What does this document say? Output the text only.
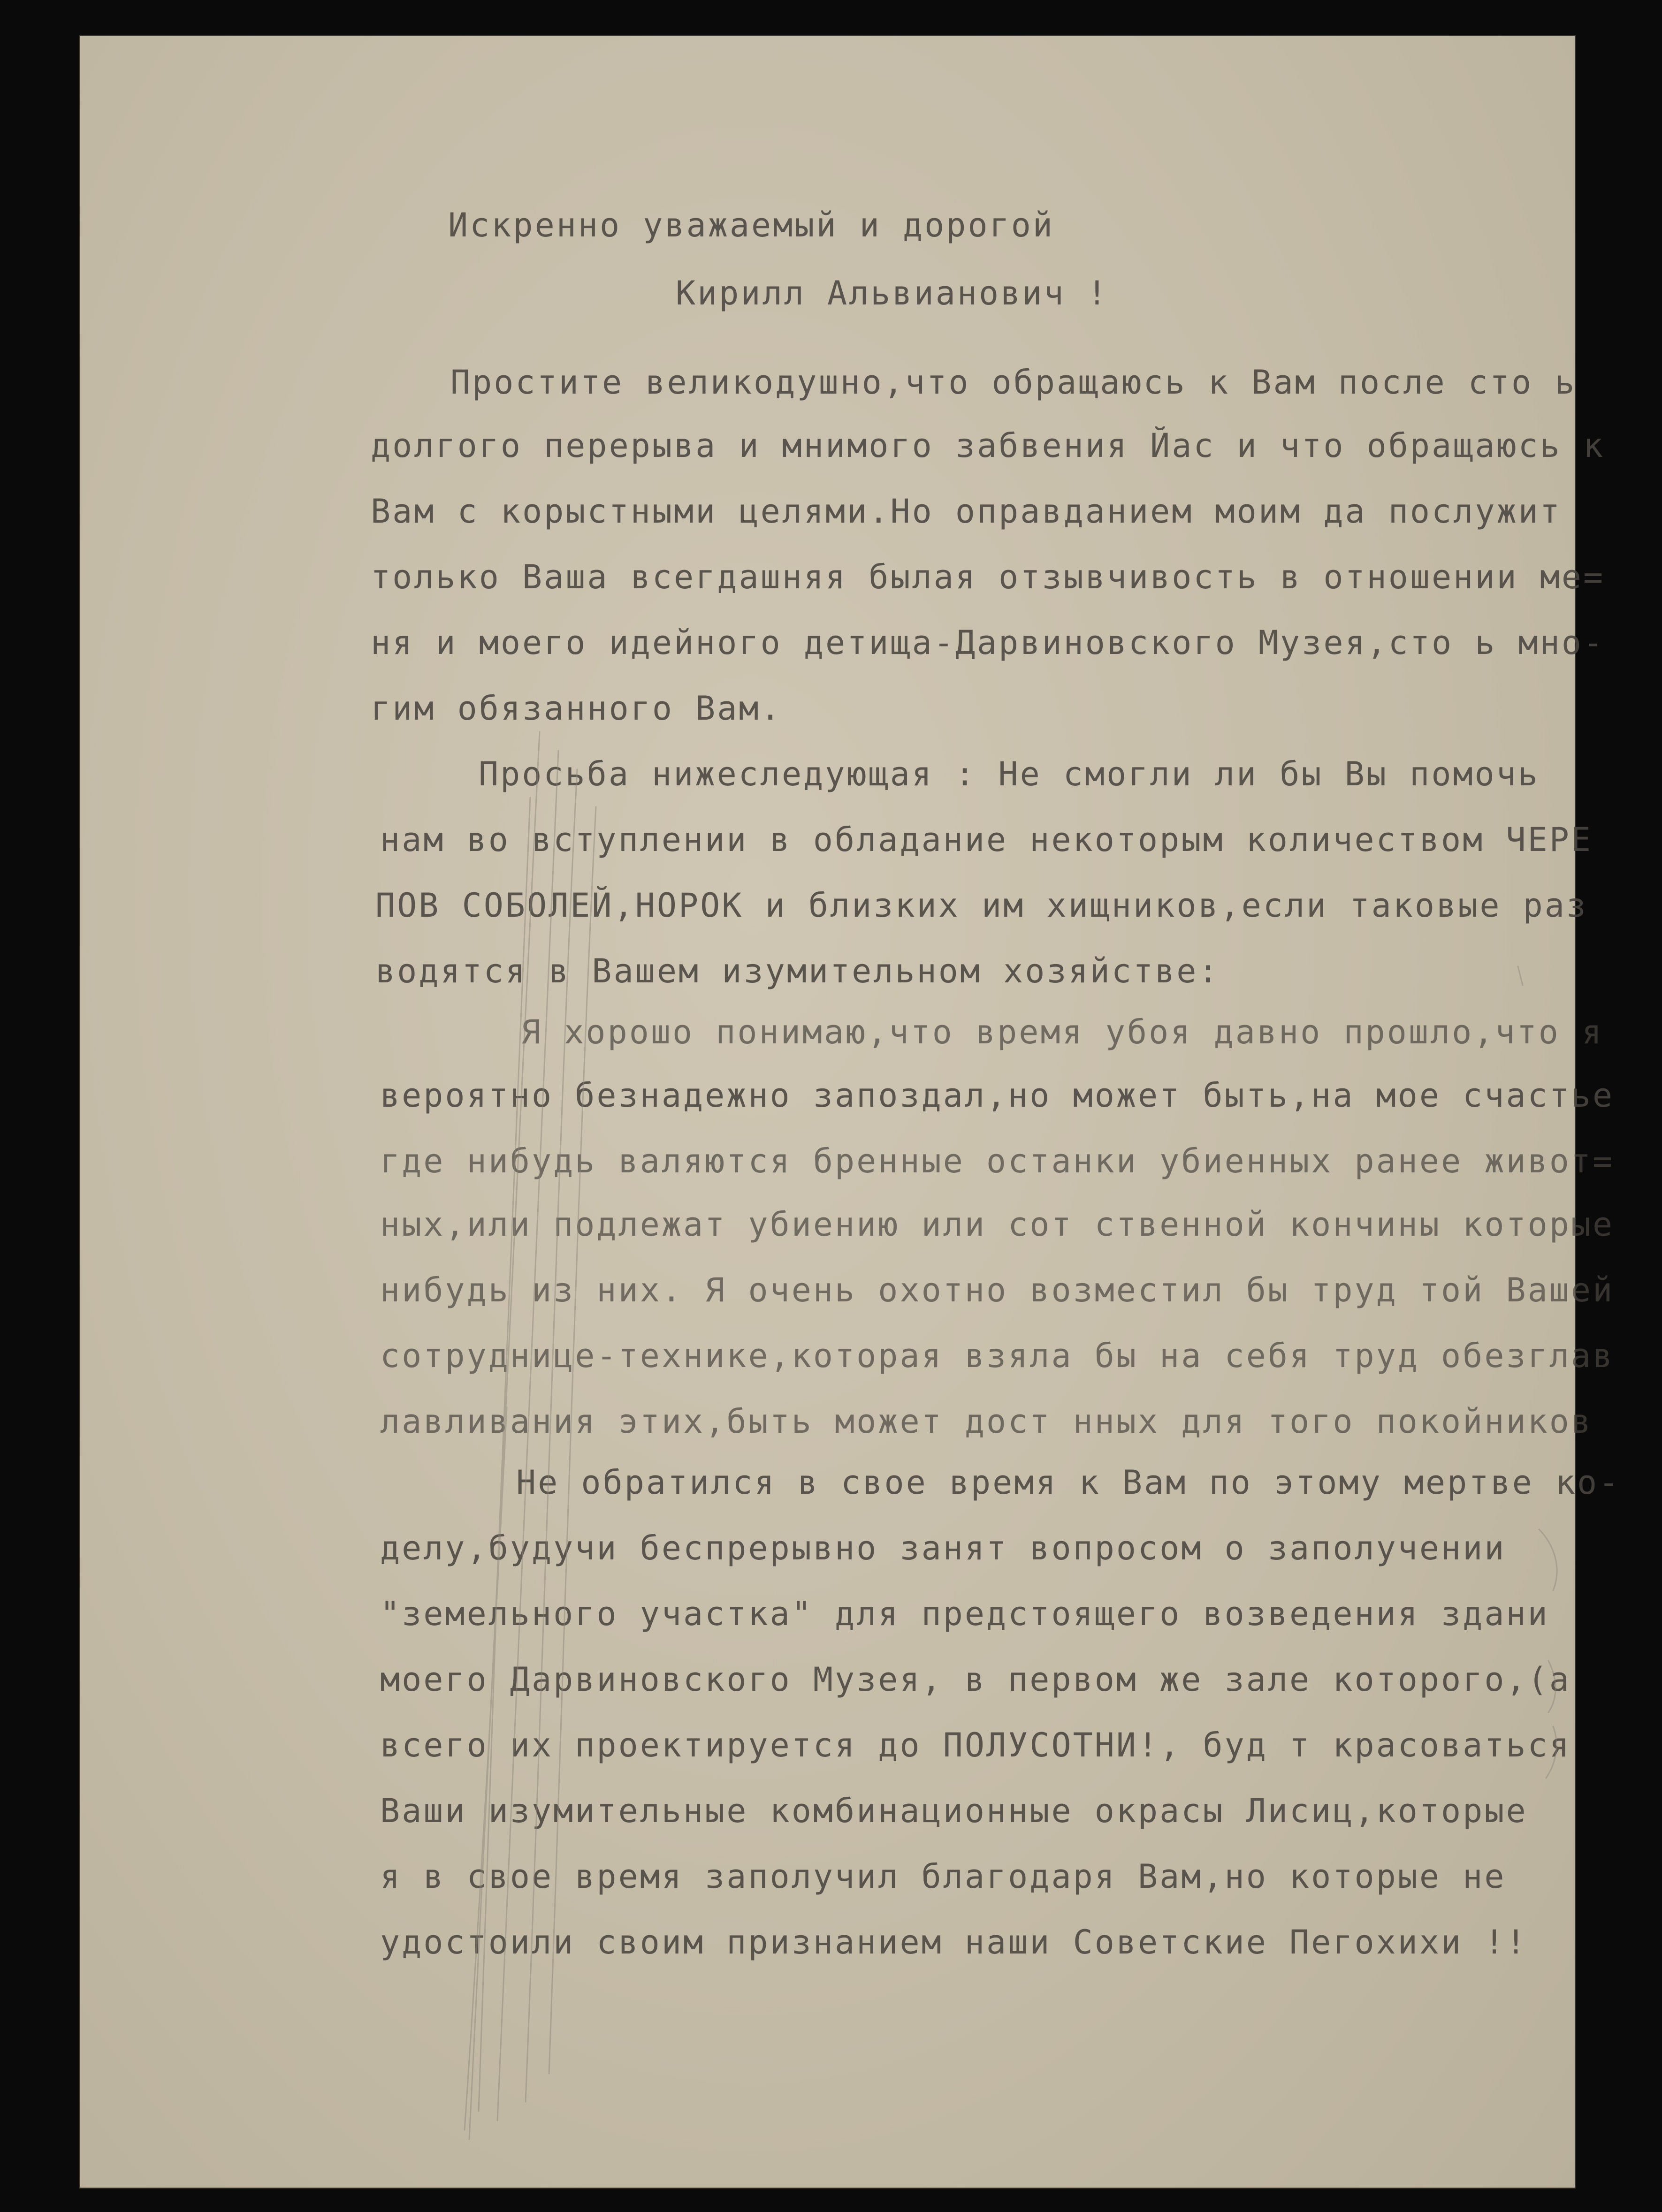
Искренно уважаемый и дорогой

Кирилл Альвианович !

Простите великодушно,что обращаюсь к Вам после сто ь

долгого перерыва и мнимого забвения Йас и что обращаюсь к

Вам с корыстными целями.Но оправданием моим да послужит

только Ваша всегдашняя былая отзывчивость в отношении ме=

ня и моего идейного детища-Дарвиновского Музея,сто ь мно-

гим обязанного Вам.

Просьба нижеследующая : Не смогли ли бы Вы помочь

нам во вступлении в обладание некоторым количеством ЧЕРЕ

ПОВ СОБОЛЕЙ,НОРОК и близких им хищников,если таковые раз

водятся в Вашем изумительном хозяйстве:

Я хорошо понимаю,что время убоя давно прошло,что я

вероятно безнадежно запоздал,но может быть,на мое счастье

где нибудь валяются бренные останки убиенных ранее живот=

ных,или подлежат убиению или сот ственной кончины которые

нибудь из них. Я очень охотно возместил бы труд той Вашей

сотруднице-технике,которая взяла бы на себя труд обезглав

лавливания этих,быть может дост нных для того покойников

Не обратился в свое время к Вам по этому мертве ко-

делу,будучи беспрерывно занят вопросом о заполучении

"земельного участка" для предстоящего возведения здани

моего Дарвиновского Музея, в первом же зале которого,(а

всего их проектируется до ПОЛУСОТНИ!, буд т красоваться

Ваши изумительные комбинационные окрасы Лисиц,которые

я в свое время заполучил благодаря Вам,но которые не

удостоили своим признанием наши Советские Пегохихи !!
